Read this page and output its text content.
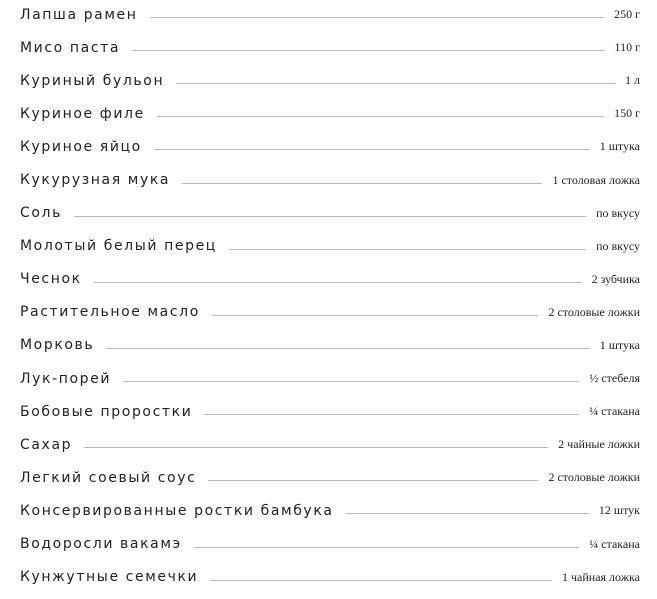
Лапша рамен	250 г
Мисо паста	110 г
Куриный бульон	1 л
Куриное филе	150 г
Куриное яйцо	1 штука
Кукурузная мука	1 столовая ложка
Соль	по вкусу
Молотый белый перец	по вкусу
Чеснок	2 зубчика
Растительное масло	2 столовые ложки
Морковь	1 штука
Лук-порей	½ стебеля
Бобовые проростки	¼ стакана
Сахар	2 чайные ложки
Легкий соевый соус	2 столовые ложки
Консервированные ростки бамбука	12 штук
Водоросли вакамэ	¼ стакана
Кунжутные семечки	1 чайная ложка
